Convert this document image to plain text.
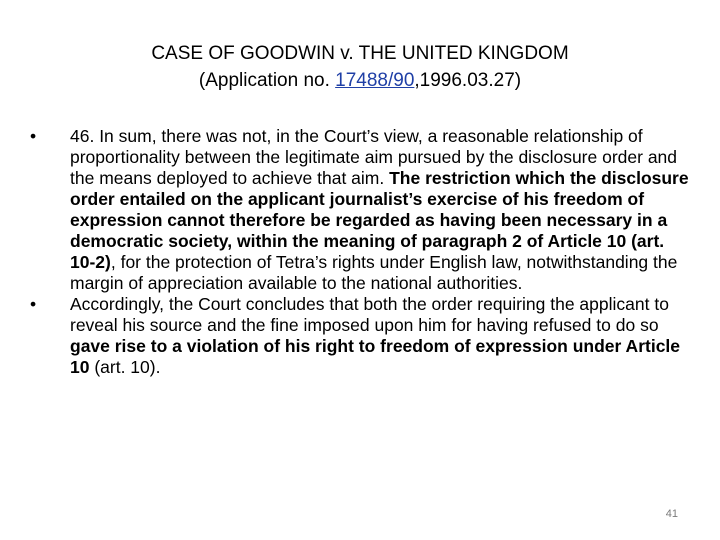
CASE OF GOODWIN v. THE UNITED KINGDOM
(Application no. 17488/90,1996.03.27)
• 46. In sum, there was not, in the Court’s view, a reasonable relationship of proportionality between the legitimate aim pursued by the disclosure order and the means deployed to achieve that aim. The restriction which the disclosure order entailed on the applicant journalist’s exercise of his freedom of expression cannot therefore be regarded as having been necessary in a democratic society, within the meaning of paragraph 2 of Article 10 (art. 10-2), for the protection of Tetra’s rights under English law, notwithstanding the margin of appreciation available to the national authorities.
• Accordingly, the Court concludes that both the order requiring the applicant to reveal his source and the fine imposed upon him for having refused to do so gave rise to a violation of his right to freedom of expression under Article 10 (art. 10).
41
